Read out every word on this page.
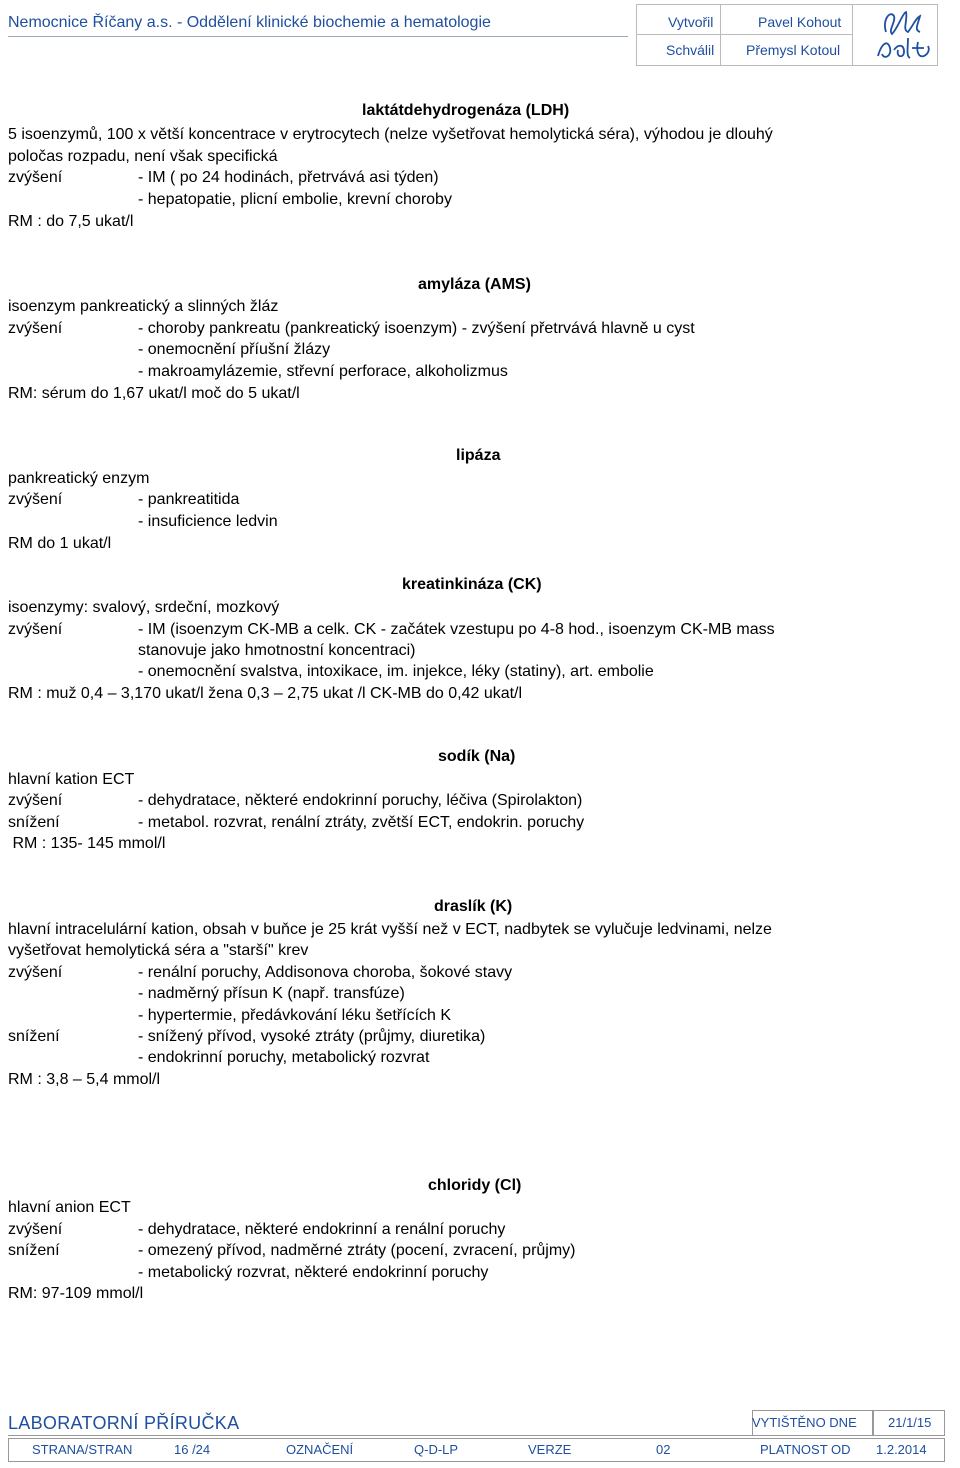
Nemocnice Říčany a.s. - Oddělení klinické biochemie a hematologie	Vytvořil	Pavel Kohout
Schválil Přemysl Kotoul
laktátdehydrogenáza (LDH)
5 isoenzymů, 100 x větší koncentrace v erytrocytech (nelze vyšetřovat hemolytická séra), výhodou je dlouhý
poločas rozpadu, není však specifická
zvýšení	- IM ( po 24 hodinách, přetrvává asi týden)
- hepatopatie, plicní embolie, krevní choroby
RM : do 7,5 ukat/l
amyláza (AMS)
isoenzym pankreatický a slinných žláz
zvýšení	- choroby pankreatu (pankreatický isoenzym) - zvýšení přetrvává hlavně u cyst
- onemocnění příušní žlázy
- makroamylázemie, střevní perforace, alkoholizmus
RM: sérum do 1,67 ukat/l moč do 5 ukat/l
lipáza
pankreatický enzym
zvýšení	- pankreatitida
- insuficience ledvin
RM do 1 ukat/l
kreatinkináza (CK)
isoenzymy: svalový, srdeční, mozkový
zvýšení	- IM (isoenzym CK-MB a celk. CK - začátek vzestupu po 4-8 hod., isoenzym CK-MB mass
stanovuje jako hmotnostní koncentraci)
- onemocnění svalstva, intoxikace, im. injekce, léky (statiny), art. embolie
RM : muž 0,4 – 3,170 ukat/l žena 0,3 – 2,75 ukat /l CK-MB do 0,42 ukat/l
sodík (Na)
hlavní kation ECT
zvýšení	- dehydratace, některé endokrinní poruchy, léčiva (Spirolakton)
snížení	- metabol. rozvrat, renální ztráty, zvětší ECT, endokrin. poruchy
RM : 135- 145 mmol/l
draslík (K)
hlavní intracelulární kation, obsah v buňce je 25 krát vyšší než v ECT, nadbytek se vylučuje ledvinami, nelze
vyšetřovat hemolytická séra a "starší" krev
zvýšení	- renální poruchy, Addisonova choroba, šokové stavy
- nadměrný přísun K (např. transfúze)
- hypertermie, předávkování léku šetřících K
snížení	- snížený přívod, vysoké ztráty (průjmy, diuretika)
- endokrinní poruchy, metabolický rozvrat
RM : 3,8 – 5,4 mmol/l
chloridy (Cl)
hlavní anion ECT
zvýšení	- dehydratace, některé endokrinní a renální poruchy
snížení	- omezený přívod, nadměrné ztráty (pocení, zvracení, průjmy)
- metabolický rozvrat, některé endokrinní poruchy
RM: 97-109 mmol/l
LABORATORNÍ PŘÍRUČKA	VYTIŠTĚNO DNE 21/1/15
STRANA/STRAN	16 /24	OZNAČENÍ	Q-D-LP	VERZE	02	PLATNOST OD 1.2.2014
